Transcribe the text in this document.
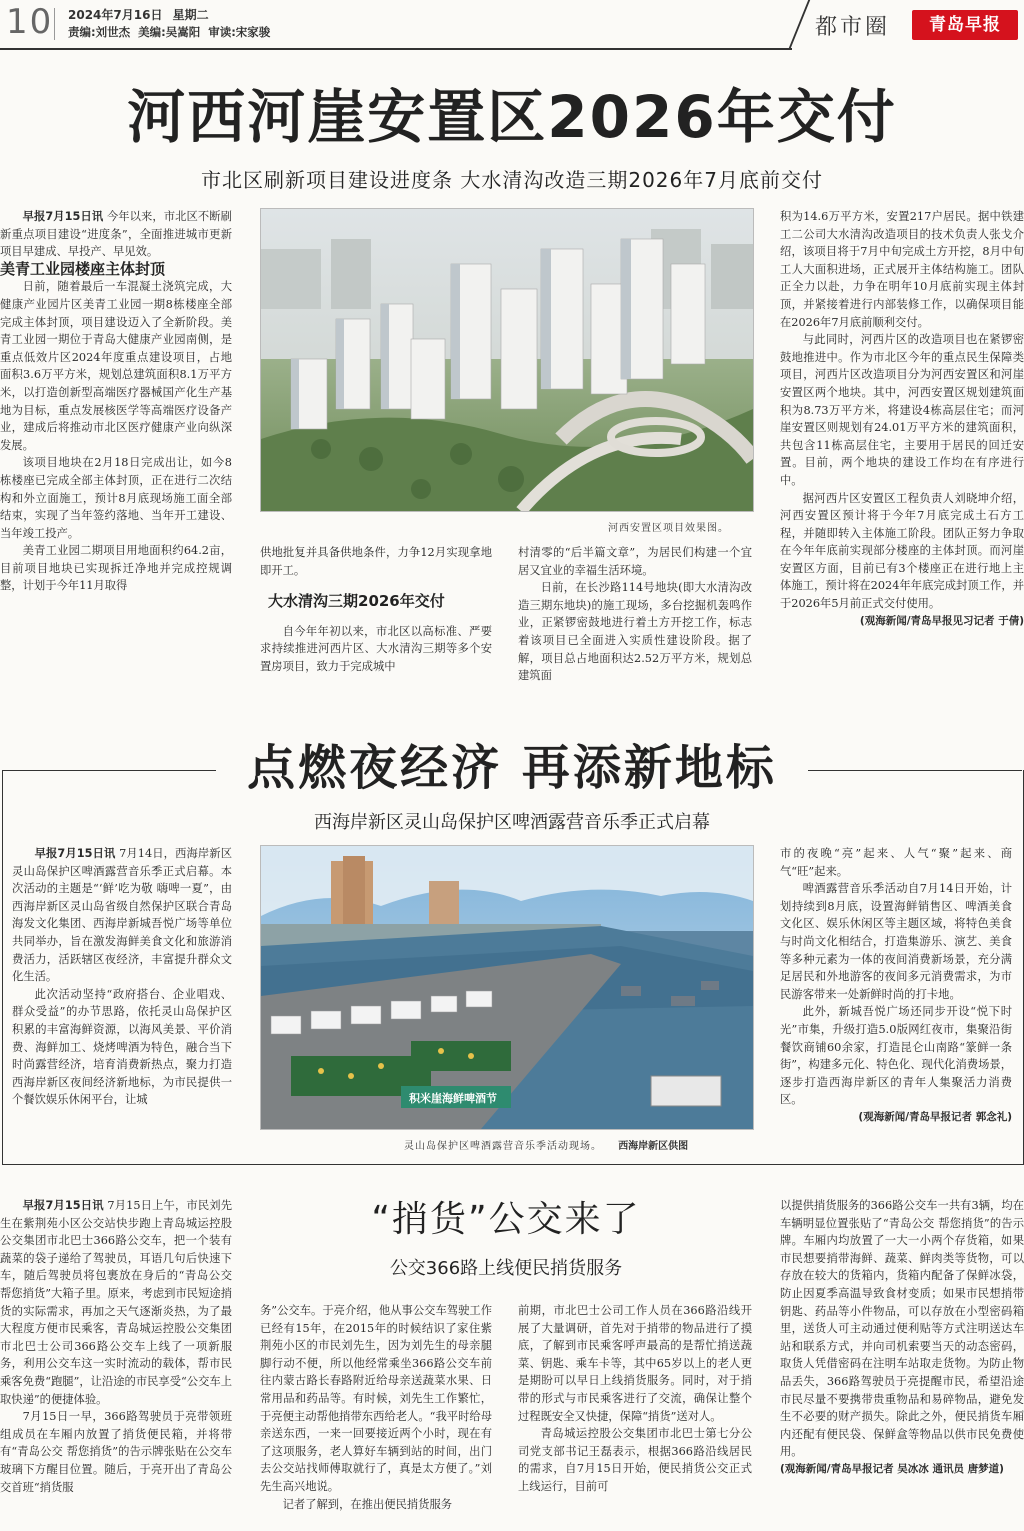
10 2024年7月16日 星期二
责编:刘世杰  美编:吴嵩阳  审读:宋家骏	都市圈	青岛早报
河西河崖安置区2026年交付
市北区刷新项目建设进度条 大水清沟改造三期2026年7月底前交付

早报7月15日讯 今年以来，市北区不断刷新重点项目建设“进度条”，全面推进城市更新项目早建成、早投产、早见效。

美青工业园楼座主体封顶

日前，随着最后一车混凝土浇筑完成，大健康产业园片区美青工业园一期8栋楼座全部完成主体封顶，项目建设迈入了全新阶段。美青工业园一期位于青岛大健康产业园南侧，是重点低效片区2024年度重点建设项目，占地面积3.6万平方米，规划总建筑面积8.1万平方米，以打造创新型高端医疗器械国产化生产基地为目标，重点发展核医学等高端医疗设备产业，建成后将推动市北区医疗健康产业向纵深发展。

该项目地块在2月18日完成出让，如今8栋楼座已完成全部主体封顶，正在进行二次结构和外立面施工，预计8月底现场施工面全部结束，实现了当年签约落地、当年开工建设、当年竣工投产。

美青工业园二期项目用地面积约64.2亩，目前项目地块已实现拆迁净地并完成控规调整，计划于今年11月取得

河西安置区项目效果图。

供地批复并具备供地条件，力争12月实现拿地即开工。

大水清沟三期2026年交付

自今年年初以来，市北区以高标准、严要求持续推进河西片区、大水清沟三期等多个安置房项目，致力于完成城中

村清零的“后半篇文章”，为居民们构建一个宜居又宜业的幸福生活环境。

日前，在长沙路114号地块(即大水清沟改造三期东地块)的施工现场，多台挖掘机轰鸣作业，正紧锣密鼓地进行着土方开挖工作，标志着该项目已全面进入实质性建设阶段。据了解，项目总占地面积达2.52万平方米，规划总建筑面

积为14.6万平方米，安置217户居民。据中铁建工二公司大水清沟改造项目的技术负责人张戈介绍，该项目将于7月中旬完成土方开挖，8月中旬工人大面积进场，正式展开主体结构施工。团队正全力以赴，力争在明年10月底前实现主体封顶，并紧接着进行内部装修工作，以确保项目能在2026年7月底前顺利交付。

与此同时，河西片区的改造项目也在紧锣密鼓地推进中。作为市北区今年的重点民生保障类项目，河西片区改造项目分为河西安置区和河崖安置区两个地块。其中，河西安置区规划建筑面积为8.73万平方米，将建设4栋高层住宅；而河崖安置区则规划有24.01万平方米的建筑面积，共包含11栋高层住宅，主要用于居民的回迁安置。目前，两个地块的建设工作均在有序进行中。

据河西片区安置区工程负责人刘晓坤介绍，河西安置区预计将于今年7月底完成土石方工程，并随即转入主体施工阶段。团队正努力争取在今年年底前实现部分楼座的主体封顶。而河崖安置区方面，目前已有3个楼座正在进行地上主体施工，预计将在2024年年底完成封顶工作，并于2026年5月前正式交付使用。

(观海新闻/青岛早报见习记者 于倩)

点燃夜经济 再添新地标
西海岸新区灵山岛保护区啤酒露营音乐季正式启幕

早报7月15日讯 7月14日，西海岸新区灵山岛保护区啤酒露营音乐季正式启幕。本次活动的主题是“‘鲜’吃为敬 嗨啤一夏”，由西海岸新区灵山岛省级自然保护区联合青岛海发文化集团、西海岸新城吾悦广场等单位共同举办，旨在激发海鲜美食文化和旅游消费活力，活跃辖区夜经济，丰富提升群众文化生活。

此次活动坚持“政府搭台、企业唱戏、群众受益”的办节思路，依托灵山岛保护区积累的丰富海鲜资源，以海风美景、平价消费、海鲜加工、烧烤啤酒为特色，融合当下时尚露营经济，培育消费新热点，聚力打造西海岸新区夜间经济新地标，为市民提供一个餐饮娱乐休闲平台，让城	积米崖海鲜啤酒节
灵山岛保护区啤酒露营音乐季活动现场。 西海岸新区供图

市的夜晚“亮”起来、人气“聚”起来、商气“旺”起来。

啤酒露营音乐季活动自7月14日开始，计划持续到8月底，设置海鲜销售区、啤酒美食文化区、娱乐休闲区等主题区域，将特色美食与时尚文化相结合，打造集游乐、演艺、美食等多种元素为一体的夜间消费新场景，充分满足居民和外地游客的夜间多元消费需求，为市民游客带来一处新鲜时尚的打卡地。

此外，新城吾悦广场还同步开设“悦下时光”市集，升级打造5.0版网红夜市，集聚沿街餐饮商铺60余家，打造昆仑山南路“篆鲜一条街”，构建多元化、特色化、现代化消费场景，逐步打造西海岸新区的青年人集聚活力消费区。

(观海新闻/青岛早报记者 郭念礼)

“捎货”公交来了
公交366路上线便民捎货服务

早报7月15日讯 7月15日上午，市民刘先生在紫荆苑小区公交站快步跑上青岛城运控股公交集团市北巴士366路公交车，把一个装有蔬菜的袋子递给了驾驶员，耳语几句后快速下车，随后驾驶员将包裹放在身后的“青岛公交 帮您捎货”大箱子里。原来，考虑到市民短途捎货的实际需求，再加之天气逐渐炎热，为了最大程度方便市民乘客，青岛城运控股公交集团市北巴士公司366路公交车上线了一项新服务，利用公交车这一实时流动的载体，帮市民乘客免费“跑腿”，让沿途的市民享受“公交车上取快递”的便捷体验。

7月15日一早，366路驾驶员于亮带领班组成员在车厢内放置了捎货便民箱，并将带有“青岛公交 帮您捎货”的告示牌张贴在公交车玻璃下方醒目位置。随后，于亮开出了青岛公交首班“捎货服

务”公交车。于亮介绍，他从事公交车驾驶工作已经有15年，在2015年的时候结识了家住紫荆苑小区的市民刘先生，因为刘先生的母亲腿脚行动不便，所以他经常乘坐366路公交车前往内蒙古路长春路附近给母亲送蔬菜水果、日常用品和药品等。有时候，刘先生工作繁忙，于亮便主动帮他捎带东西给老人。“我平时给母亲送东西，一来一回要接近两个小时，现在有了这项服务，老人算好车辆到站的时间，出门去公交站找师傅取就行了，真是太方便了。”刘先生高兴地说。

记者了解到，在推出便民捎货服务

前期，市北巴士公司工作人员在366路沿线开展了大量调研，首先对于捎带的物品进行了摸底，了解到市民乘客呼声最高的是帮忙捎送蔬菜、钥匙、乘车卡等，其中65岁以上的老人更是期盼可以早日上线捎货服务。同时，对于捎带的形式与市民乘客进行了交流，确保让整个过程既安全又快捷，保障“捎货”送对人。

青岛城运控股公交集团市北巴士第七分公司党支部书记王磊表示，根据366路沿线居民的需求，自7月15日开始，便民捎货公交正式上线运行，目前可

以提供捎货服务的366路公交车一共有3辆，均在车辆明显位置张贴了“青岛公交 帮您捎货”的告示牌。车厢内均放置了一大一小两个存货箱，如果市民想要捎带海鲜、蔬菜、鲜肉类等货物，可以存放在较大的货箱内，货箱内配备了保鲜冰袋，防止因夏季高温导致食材变质；如果市民想捎带钥匙、药品等小件物品，可以存放在小型密码箱里，送货人可主动通过便利贴等方式注明送达车站和联系方式，并向司机索要当天的动态密码，取货人凭借密码在注明车站取走货物。为防止物品丢失，366路驾驶员于亮提醒市民，希望沿途市民尽量不要携带贵重物品和易碎物品，避免发生不必要的财产损失。除此之外，便民捎货车厢内还配有便民袋、保鲜盒等物品以供市民免费使用。

(观海新闻/青岛早报记者 吴冰冰 通讯员 唐梦道)
